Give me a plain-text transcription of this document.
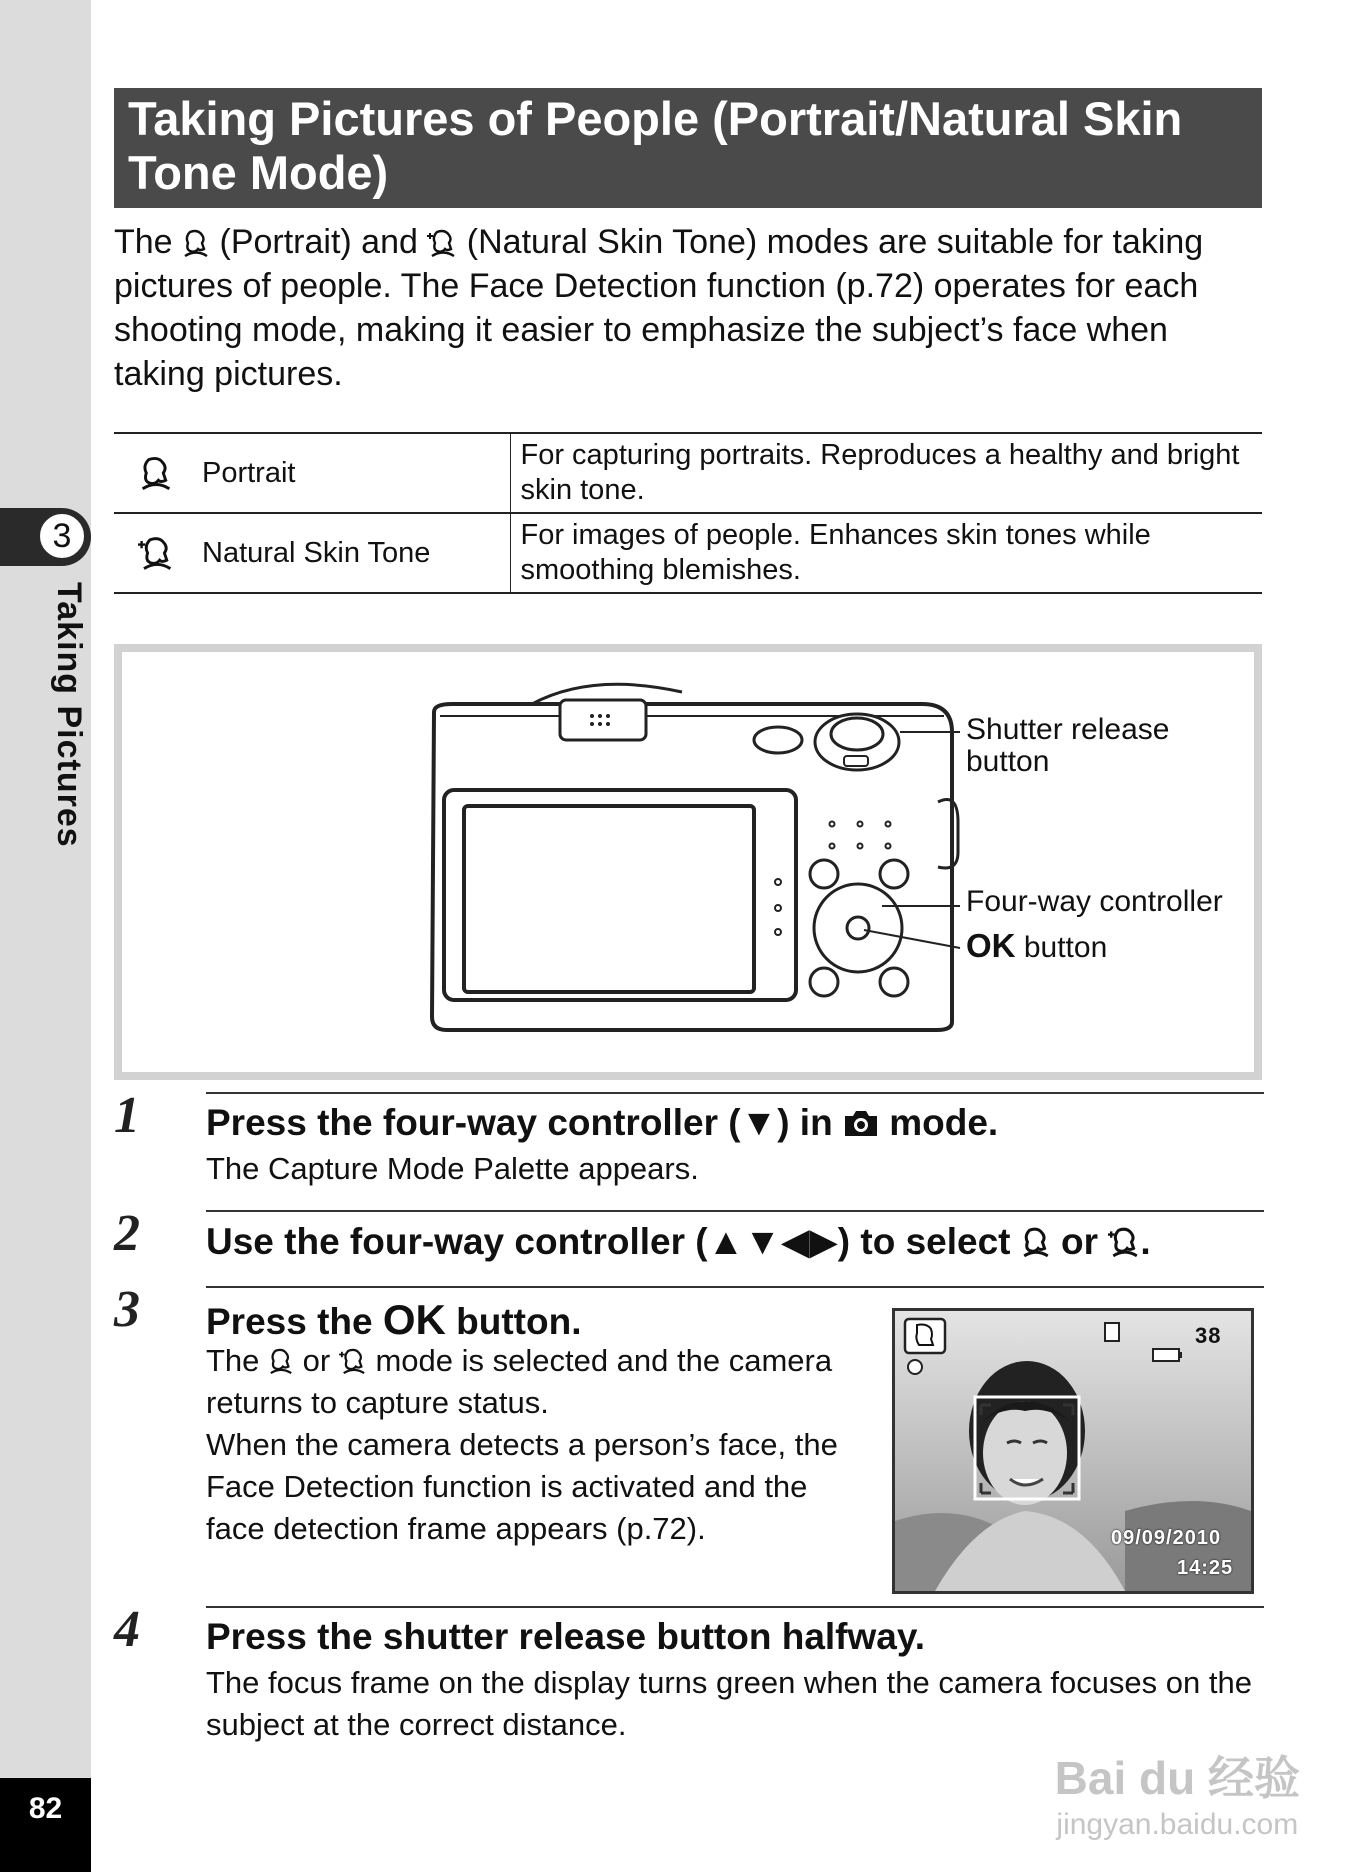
3
Taking Pictures
82
Taking Pictures of People (Portrait/Natural Skin Tone Mode)
The  (Portrait) and  (Natural Skin Tone) modes are suitable for taking pictures of people. The Face Detection function (p.72) operates for each shooting mode, making it easier to emphasize the subject’s face when taking pictures.
Portrait	For capturing portraits. Reproduces a healthy and bright skin tone.

Natural Skin Tone	For images of people. Enhances skin tones while smoothing blemishes.
Shutter release button
Four-way controller
OK button
1 Press the four-way controller (▼) in  mode.
The Capture Mode Palette appears.
2 Use the four-way controller (▲▼◀▶) to select  or .
3 Press the OK button.
The  or  mode is selected and the camera returns to capture status.
When the camera detects a person’s face, the Face Detection function is activated and the face detection frame appears (p.72).
38
09/09/2010
14:25
4 Press the shutter release button halfway.
The focus frame on the display turns green when the camera focuses on the subject at the correct distance.
Bai du 经验
jingyan.baidu.com
